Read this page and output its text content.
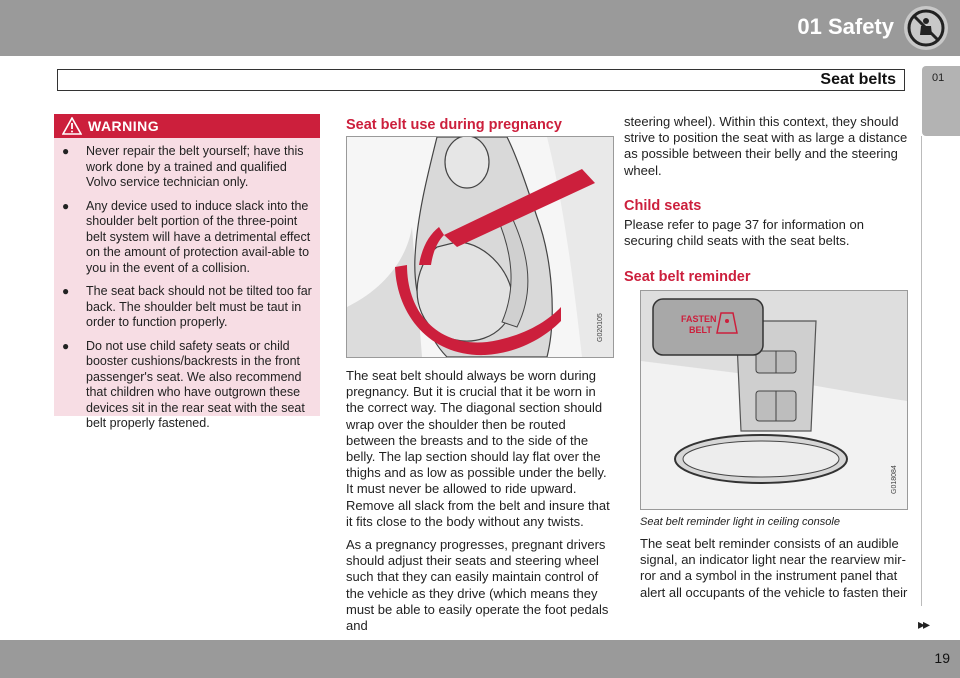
01 Safety
Seat belts	01
WARNING
● Never repair the belt yourself; have this work done by a trained and qualified Volvo service technician only.
● Any device used to induce slack into the shoulder belt portion of the three-point belt system will have a detrimental effect on the amount of protection avail-able to you in the event of a collision.
● The seat back should not be tilted too far back. The shoulder belt must be taut in order to function properly.
● Do not use child safety seats or child booster cushions/backrests in the front passenger's seat. We also recommend that children who have outgrown these devices sit in the rear seat with the seat belt properly fastened.
Seat belt use during pregnancy
G020105

The seat belt should always be worn during pregnancy. But it is crucial that it be worn in the correct way. The diagonal section should wrap over the shoulder then be routed between the breasts and to the side of the belly. The lap section should lay flat over the thighs and as low as possible under the belly. It must never be allowed to ride upward. Remove all slack from the belt and insure that it fits close to the body without any twists.

As a pregnancy progresses, pregnant drivers should adjust their seats and steering wheel such that they can easily maintain control of the vehicle as they drive (which means they must be able to easily operate the foot pedals and

steering wheel). Within this context, they should strive to position the seat with as large a distance as possible between their belly and the steering wheel.

Child seats

Please refer to page 37 for information on securing child seats with the seat belts.

Seat belt reminder
FASTEN
BELT
G018084
Seat belt reminder light in ceiling console

The seat belt reminder consists of an audible signal, an indicator light near the rearview mir-ror and a symbol in the instrument panel that alert all occupants of the vehicle to fasten their

▸▸
19
